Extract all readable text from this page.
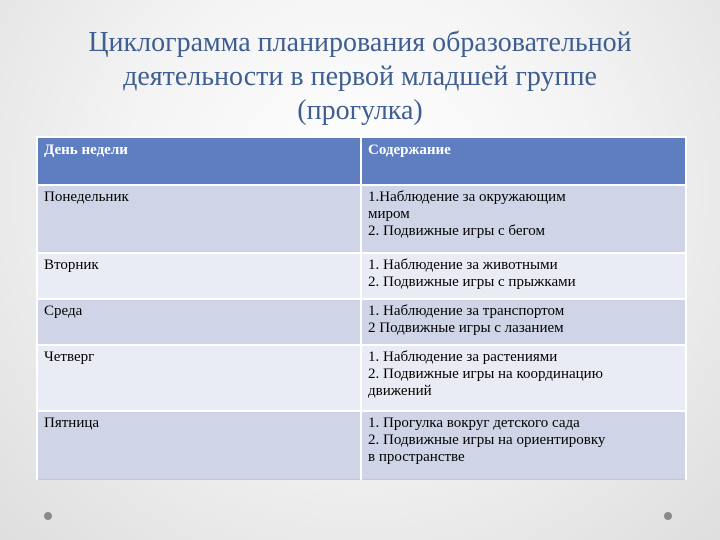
Циклограмма планирования образовательной
деятельности в первой младшей группе
(прогулка)
День недели	Содержание
Понедельник	1.Наблюдение за окружающим
миром
2. Подвижные игры с бегом

Вторник	1. Наблюдение за животными
2. Подвижные игры с прыжками

Среда	1. Наблюдение за транспортом
2 Подвижные игры с лазанием

Четверг	1. Наблюдение за растениями
2. Подвижные игры на координацию
движений

Пятница	1. Прогулка вокруг детского сада
2. Подвижные игры на ориентировку
в пространстве
